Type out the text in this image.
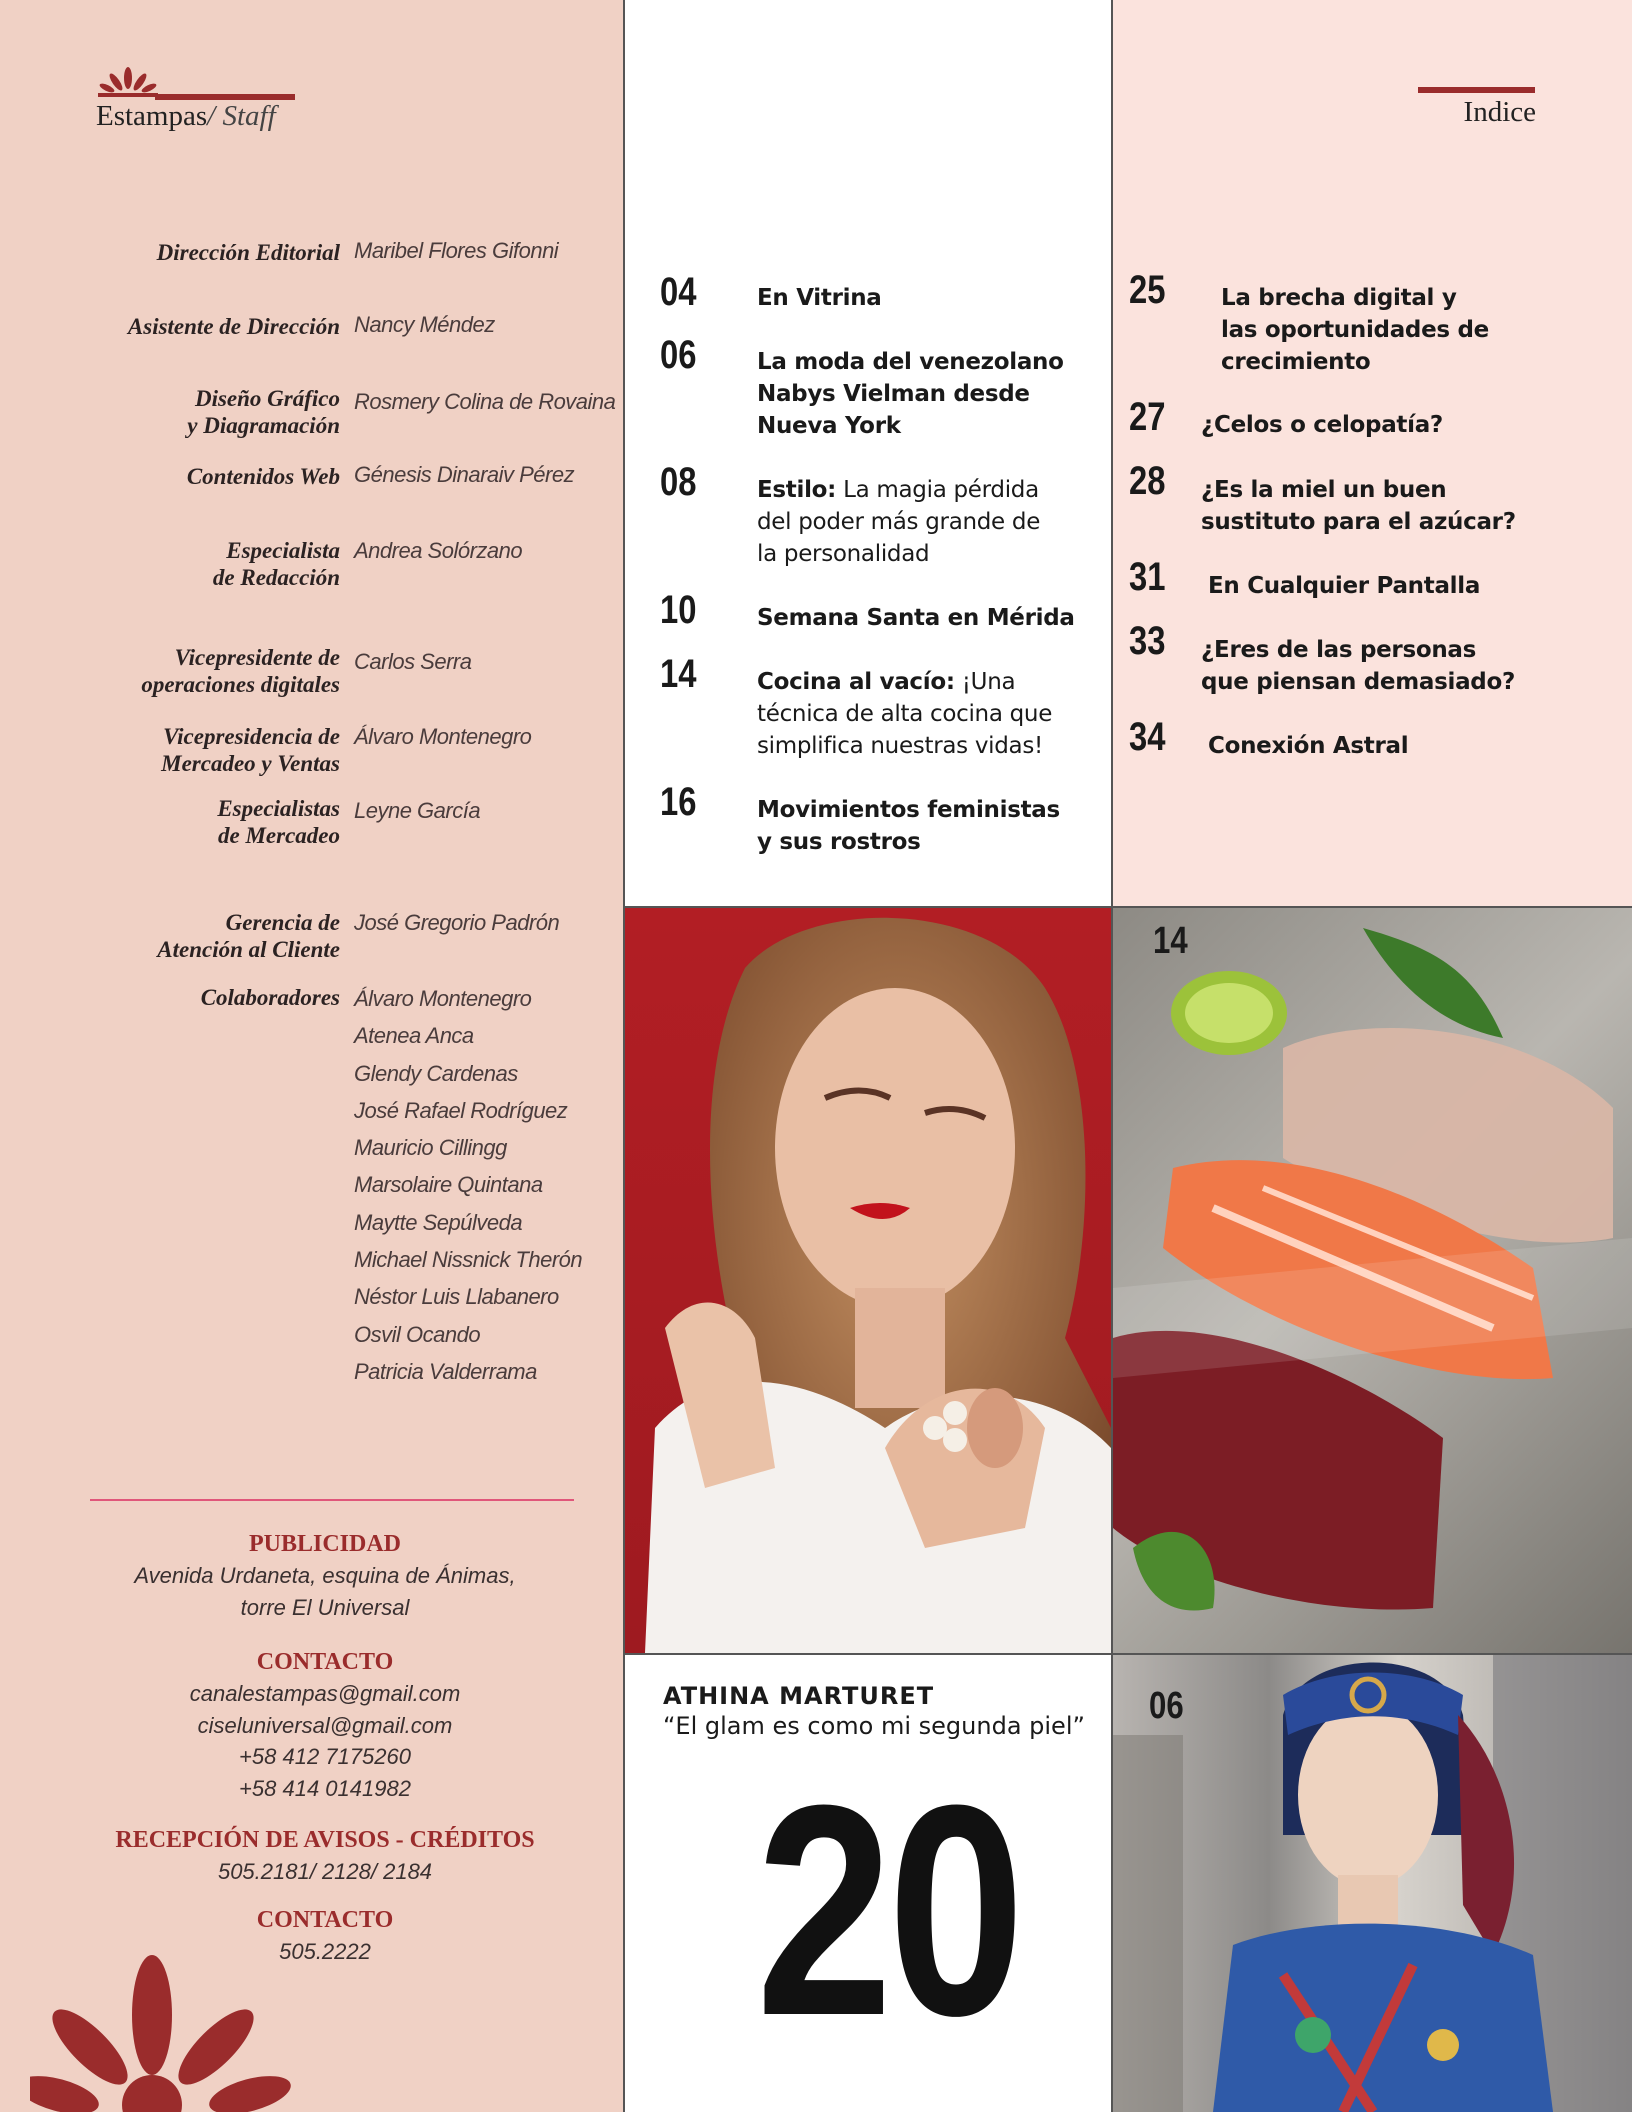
Estampas/ Staff
Dirección Editorial Maribel Flores Gifonni
Asistente de Dirección Nancy Méndez
Diseño Gráfico
y Diagramación
Rosmery Colina de Rovaina
Contenidos Web Génesis Dinaraiv Pérez
Especialista
de Redacción
Andrea Solórzano
Vicepresidente de
operaciones digitales
Carlos Serra
Vicepresidencia de
Mercadeo y Ventas
Álvaro Montenegro
Especialistas
de Mercadeo
Leyne García
Gerencia de
Atención al Cliente
José Gregorio Padrón
Colaboradores Álvaro Montenegro
Atenea Anca
Glendy Cardenas
José Rafael Rodríguez
Mauricio Cillingg
Marsolaire Quintana
Maytte Sepúlveda
Michael Nissnick Therón
Néstor Luis Llabanero
Osvil Ocando
Patricia Valderrama
PUBLICIDAD
Avenida Urdaneta, esquina de Ánimas,
torre El Universal
CONTACTO
canalestampas@gmail.com
ciseluniversal@gmail.com
+58 412 7175260
+58 414 0141982
RECEPCIÓN DE AVISOS - CRÉDITOS
505.2181/ 2128/ 2184
CONTACTO
505.2222
04	En Vitrina
06	La moda del venezolano
Nabys Vielman desde
Nueva York
08	Estilo: La magia pérdida
del poder más grande de
la personalidad
10	Semana Santa en Mérida
14	Cocina al vacío: ¡Una
técnica de alta cocina que
simplifica nuestras vidas!
16	Movimientos feministas
y sus rostros
Indice
25 La brecha digital y
las oportunidades de
crecimiento
27 ¿Celos o celopatía?
28 ¿Es la miel un buen
sustituto para el azúcar?
31 En Cualquier Pantalla
33 ¿Eres de las personas
que piensan demasiado?
34 Conexión Astral
14
ATHINA MARTURET
“El glam es como mi segunda piel”
20
06
